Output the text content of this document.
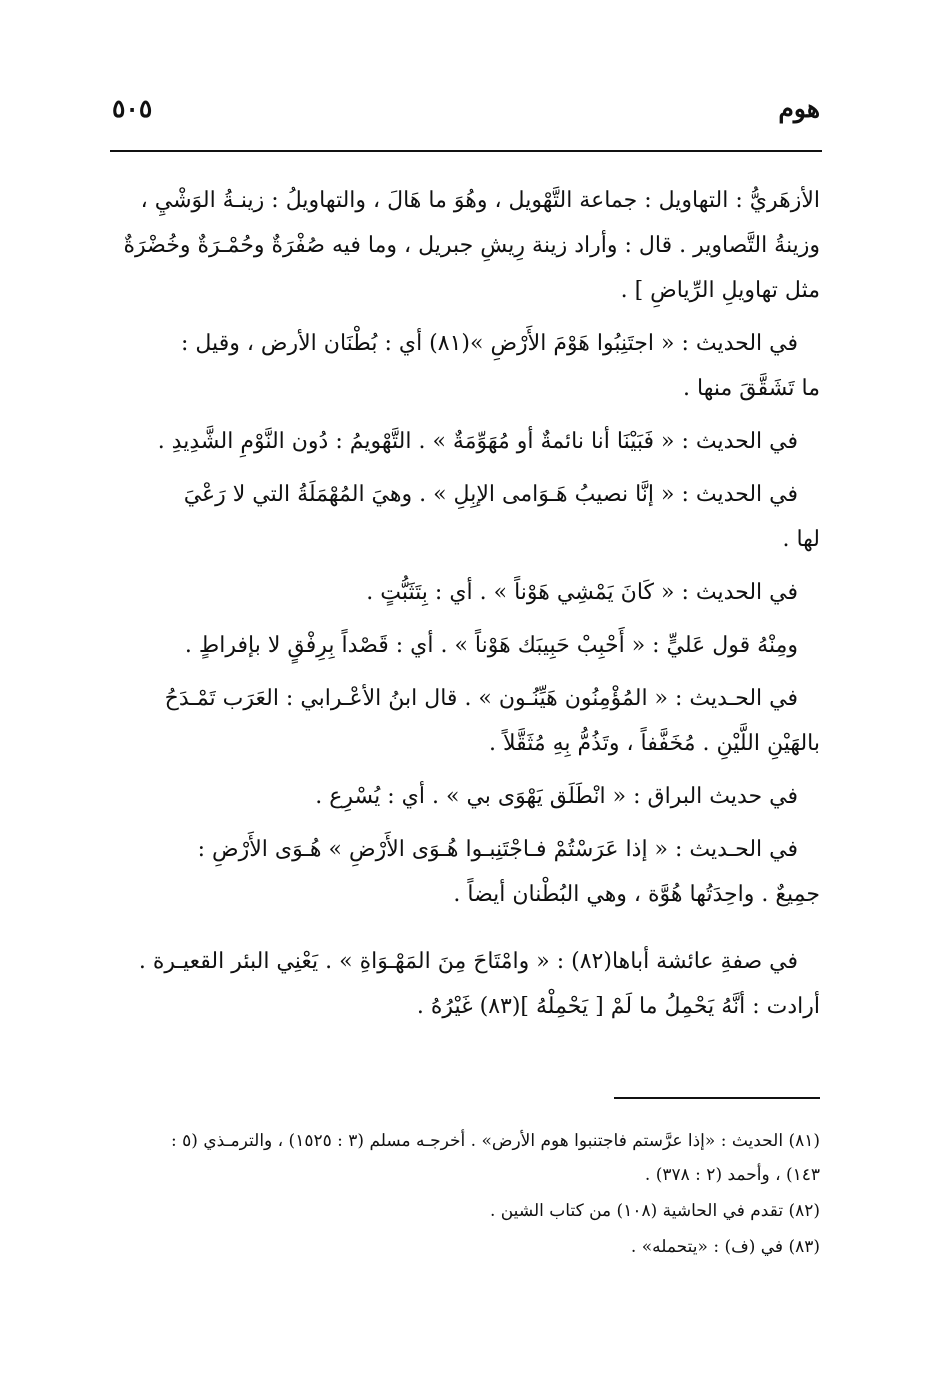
هوم
٥٠٥

الأزهَريُّ : التهاويل : جماعة التَّهْويل ، وهُوَ ما هَالَ ، والتهاويلُ : زينـةُ الوَشْيِ ،
وزينةُ التَّصاوير . قال : وأراد زينة رِيشِ جبريل ، وما فيه صُفْرَةٌ وحُمْـرَةٌ وخُضْرَةٌ
مثل تهاويلِ الرِّياضِ ] .

في الحديث : « اجتَنِبُوا هَوْمَ الأَرْضِ »(٨١) أي : بُطْنَان الأرض ، وقيل :
ما تَشَقَّقَ منها .

في الحديث : « فَبَيْنَا أنا نائمةٌ أو مُهَوِّمَةٌ » . التَّهْويمُ : دُون النَّوْمِ الشَّدِيدِ .

في الحديث : « إنَّا نصيبُ هَـوَامى الإبِلِ » . وهيَ المُهْمَلَةُ التي لا رَعْيَ
لها .

في الحديث : « كَانَ يَمْشِي هَوْناً » . أي : بِتَثَبُّتٍ .

ومِنْهُ قول عَليٍّ : « أَحْبِبْ حَبِيبَك هَوْناً » . أي : قَصْداً بِرِفْقٍ لا بإفراطٍ .

في الحـديث : « المُؤْمِنُون هَيِّنُـون » . قال ابنُ الأعْـرابي : العَرَب تَمْـدَحُ
بالهَيْنِ اللَّيْنِ . مُخَفَّفاً ، وتَذُمُّ بِهِ مُثَقَّلاً .

في حديث البراق : « انْطَلَق يَهْوَى بي » . أي : يُسْرِع .

في الحـديث : « إذا عَرَسْتُمْ فـاجْتَنِبـوا هُـوَى الأَرْضِ » هُـوَى الأَرْضِ :
جمِيعٌ . واحِدَتُها هُوَّة ، وهي البُطْنان أيضاً .

في صفةِ عائشة أباها(٨٢) : « وامْتَاحَ مِنَ المَهْـوَاةِ » . يَعْنِي البئر القعيـرة .
أرادت : أنَّهُ يَحْمِلُ ما لَمْ [ يَحْمِلْهُ ](٨٣) غَيْرُهُ .

(٨١) الحديث : «إذا عرَّستم فاجتنبوا هوم الأرض» . أخرجـه مسلم (٣ : ١٥٢٥) ، والترمـذي (٥ :
١٤٣) ، وأحمد (٢ : ٣٧٨) .

(٨٢) تقدم في الحاشية (١٠٨) من كتاب الشين .

(٨٣) في (ف) : «يتحمله» .
